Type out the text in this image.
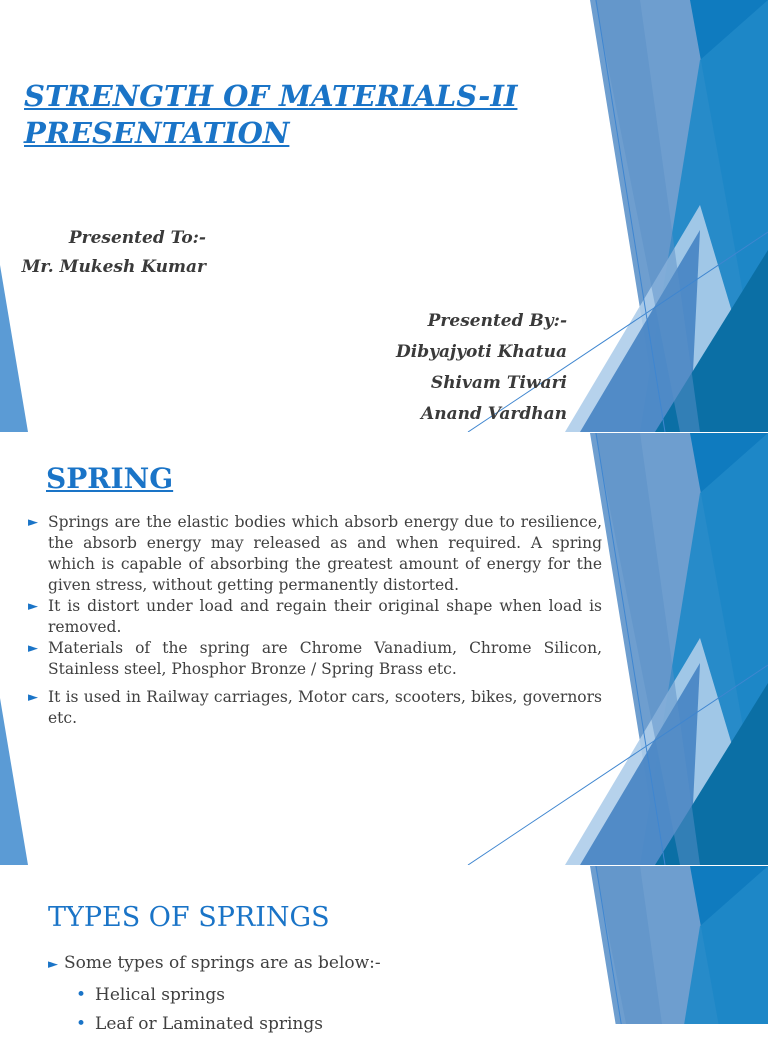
STRENGTH OF MATERIALS-II
PRESENTATION
Presented To:-
Mr. Mukesh Kumar
Presented By:-
Dibyajyoti Khatua
Shivam Tiwari
Anand Vardhan
SPRING
► Springs are the elastic bodies which absorb energy due to resilience, the absorb energy may released as and when required. A spring which is capable of absorbing the greatest amount of energy for the given stress, without getting permanently distorted.
► It is distort under load and regain their original shape when load is removed.
► Materials of the spring are Chrome Vanadium, Chrome Silicon, Stainless steel, Phosphor Bronze / Spring Brass etc.
► It is used in Railway carriages, Motor cars, scooters, bikes, governors etc.
TYPES OF SPRINGS
► Some types of springs are as below:-
• Helical springs
• Leaf or Laminated springs
